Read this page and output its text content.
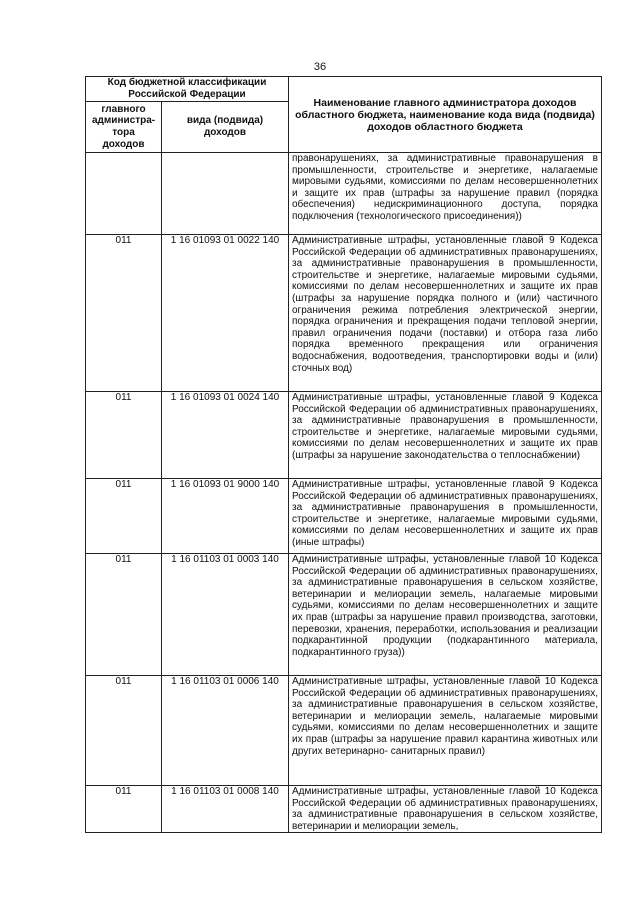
36
Код бюджетной классификации Российской Федерации		Наименование главного администратора доходов областного бюджета, наименование кода вида (подвида) доходов областного бюджета
главного администра-тора доходов	вида (подвида) доходов	
		правонарушениях, за административные правонарушения в промышленности, строительстве и энергетике, налагаемые мировыми судьями, комиссиями по делам несовершеннолетних и защите их прав (штрафы за нарушение правил (порядка обеспечения) недискриминационного доступа, порядка подключения (технологического присоединения))
011	1 16 01093 01 0022 140	Административные штрафы, установленные главой 9 Кодекса Российской Федерации об административных правонарушениях, за административные правонарушения в промышленности, строительстве и энергетике, налагаемые мировыми судьями, комиссиями по делам несовершеннолетних и защите их прав (штрафы за нарушение порядка полного и (или) частичного ограничения режима потребления электрической энергии, порядка ограничения и прекращения подачи тепловой энергии, правил ограничения подачи (поставки) и отбора газа либо порядка временного прекращения или ограничения водоснабжения, водоотведения, транспортировки воды и (или) сточных вод)
011	1 16 01093 01 0024 140	Административные штрафы, установленные главой 9 Кодекса Российской Федерации об административных правонарушениях, за административные правонарушения в промышленности, строительстве и энергетике, налагаемые мировыми судьями, комиссиями по делам несовершеннолетних и защите их прав (штрафы за нарушение законодательства о теплоснабжении)
011	1 16 01093 01 9000 140	Административные штрафы, установленные главой 9 Кодекса Российской Федерации об административных правонарушениях, за административные правонарушения в промышленности, строительстве и энергетике, налагаемые мировыми судьями, комиссиями по делам несовершеннолетних и защите их прав (иные штрафы)
011	1 16 01103 01 0003 140	Административные штрафы, установленные главой 10 Кодекса Российской Федерации об административных правонарушениях, за административные правонарушения в сельском хозяйстве, ветеринарии и мелиорации земель, налагаемые мировыми судьями, комиссиями по делам несовершеннолетних и защите их прав (штрафы за нарушение правил производства, заготовки, перевозки, хранения, переработки, использования и реализации подкарантинной продукции (подкарантинного материала, подкарантинного груза))
011	1 16 01103 01 0006 140	Административные штрафы, установленные главой 10 Кодекса Российской Федерации об административных правонарушениях, за административные правонарушения в сельском хозяйстве, ветеринарии и мелиорации земель, налагаемые мировыми судьями, комиссиями по делам несовершеннолетних и защите их прав (штрафы за нарушение правил карантина животных или других ветеринарно- санитарных правил)
011	1 16 01103 01 0008 140	Административные штрафы, установленные главой 10 Кодекса Российской Федерации об административных правонарушениях, за административные правонарушения в сельском хозяйстве, ветеринарии и мелиорации земель,
